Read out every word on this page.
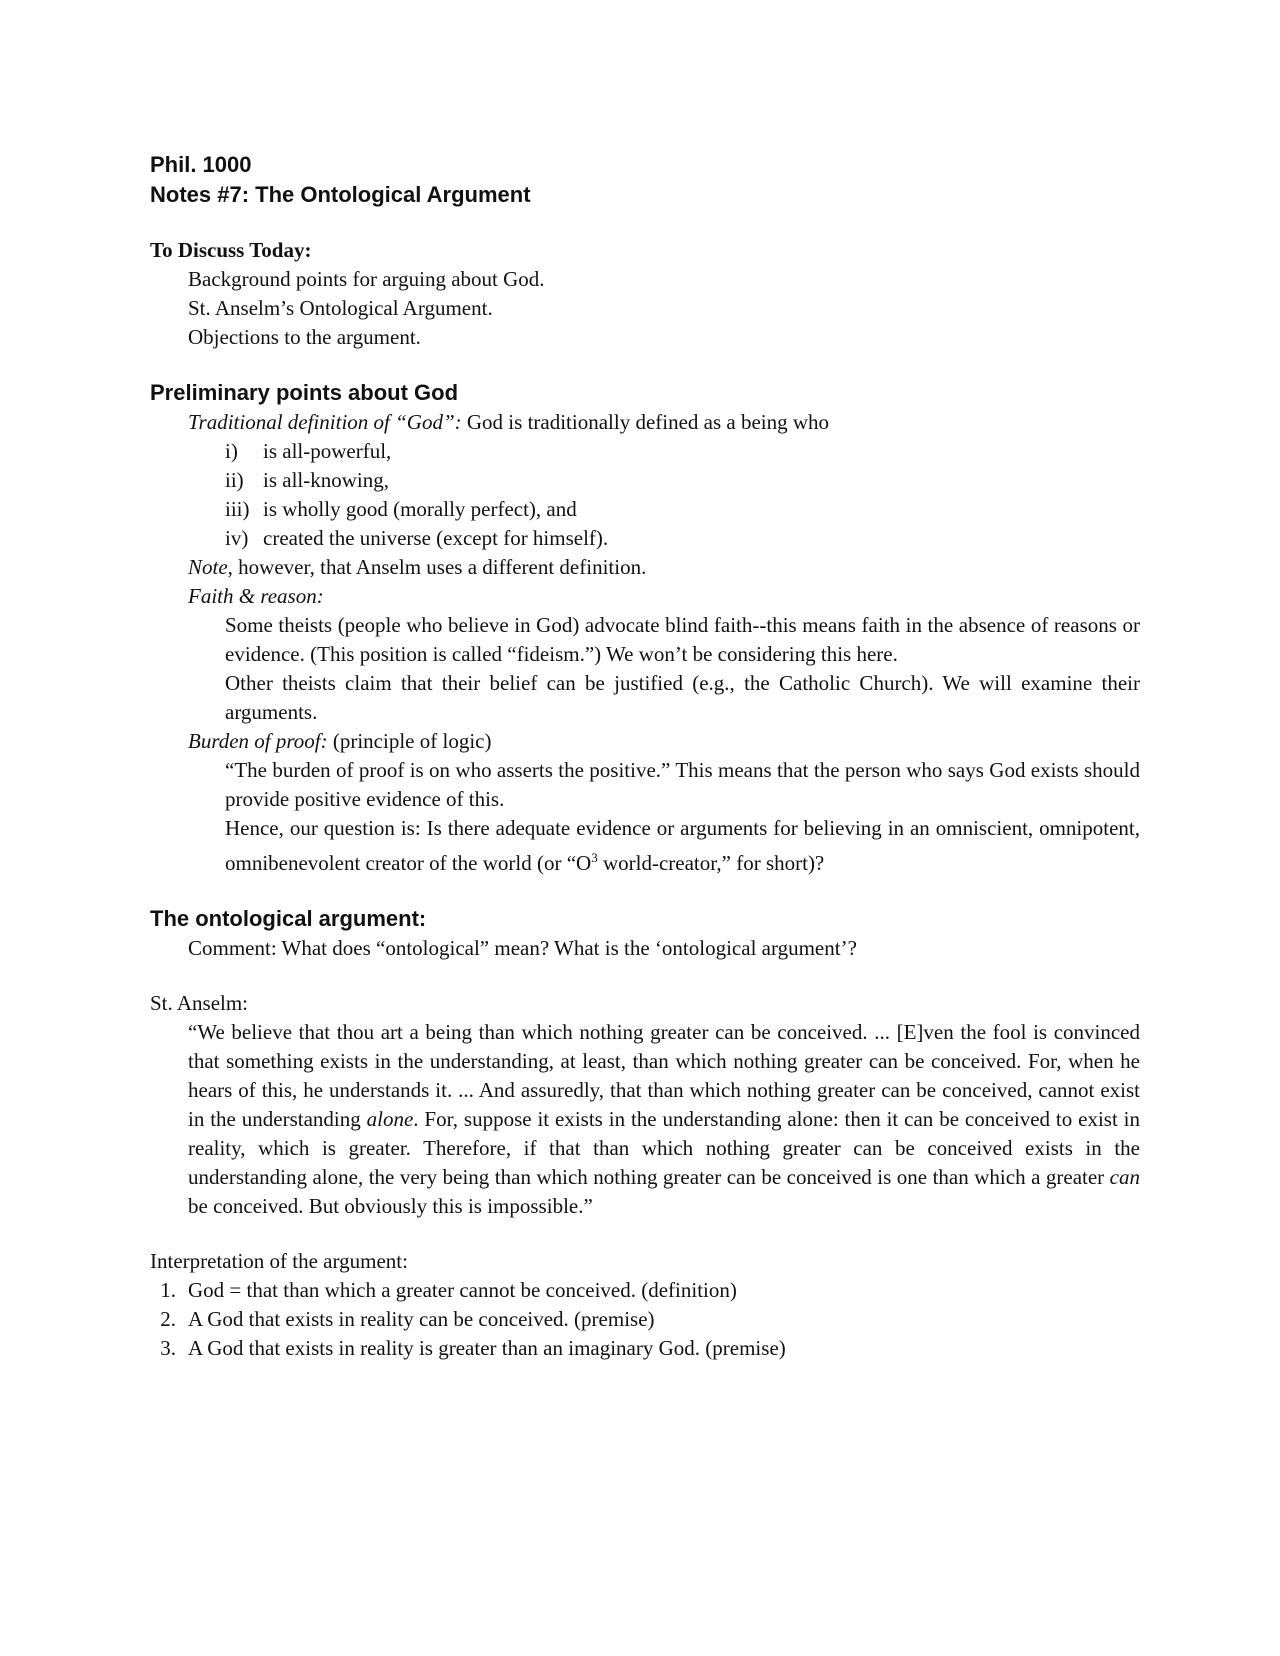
Phil. 1000
Notes #7: The Ontological Argument
To Discuss Today:
Background points for arguing about God.
St. Anselm’s Ontological Argument.
Objections to the argument.
Preliminary points about God
Traditional definition of “God”: God is traditionally defined as a being who
i)	is all-powerful,
ii) is all-knowing,
iii) is wholly good (morally perfect), and
iv) created the universe (except for himself).
Note, however, that Anselm uses a different definition.
Faith & reason:

Some theists (people who believe in God) advocate blind faith--this means faith in the absence of reasons or evidence. (This position is called “fideism.”) We won’t be considering this here.

Other theists claim that their belief can be justified (e.g., the Catholic Church). We will examine their arguments.

Burden of proof: (principle of logic)

“The burden of proof is on who asserts the positive.” This means that the person who says God exists should provide positive evidence of this.

Hence, our question is: Is there adequate evidence or arguments for believing in an omniscient, omnipotent, omnibenevolent creator of the world (or “$O^3$ world-creator,” for short)?

The ontological argument:
Comment: What does “ontological” mean? What is the ‘ontological argument’?
St. Anselm:

“We believe that thou art a being than which nothing greater can be conceived. ... [E]ven the fool is convinced that something exists in the understanding, at least, than which nothing greater can be conceived. For, when he hears of this, he understands it. ... And assuredly, that than which nothing greater can be conceived, cannot exist in the understanding alone. For, suppose it exists in the understanding alone: then it can be conceived to exist in reality, which is greater. Therefore, if that than which nothing greater can be conceived exists in the understanding alone, the very being than which nothing greater can be conceived is one than which a greater can be conceived. But obviously this is impossible.”

Interpretation of the argument:
1. God = that than which a greater cannot be conceived. (definition)
2. A God that exists in reality can be conceived. (premise)
3. A God that exists in reality is greater than an imaginary God. (premise)
